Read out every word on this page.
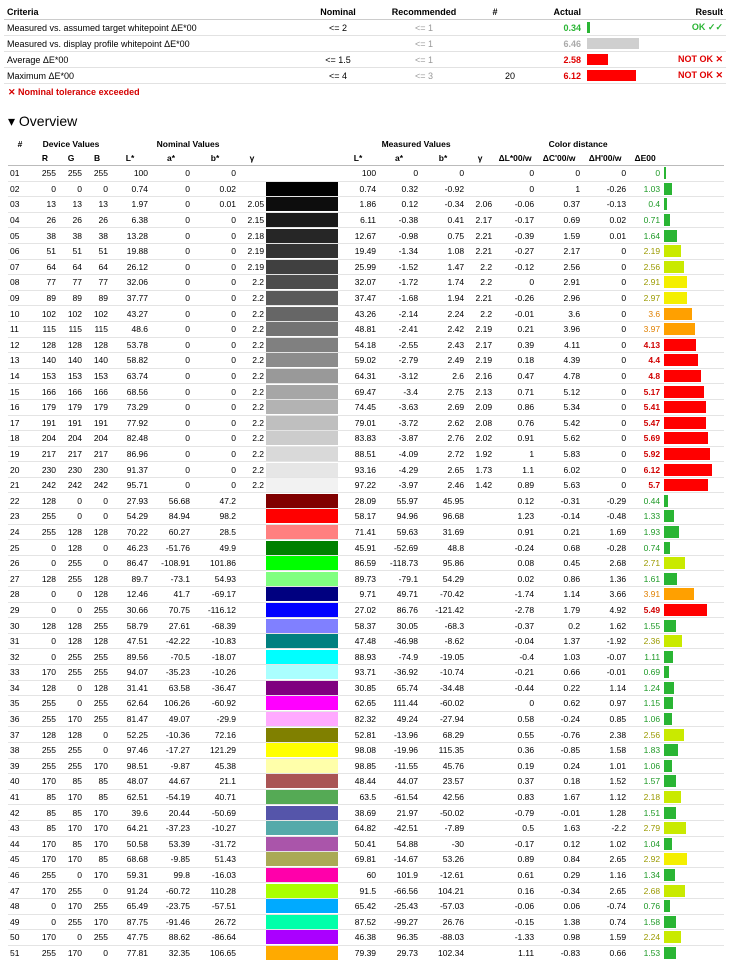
Criteria	Nominal	Recommended	#	Actual		Result
Measured vs. assumed target whitepoint ΔE*00	<= 2	<= 1		0.34		OK ✓✓
Measured vs. display profile whitepoint ΔE*00		<= 1		6.46	

Average ΔE*00	<= 1.5	<= 1		2.58		NOT OK ✕
Maximum ΔE*00	<= 4	<= 3	20	6.12		NOT OK ✕
✕ Nominal tolerance exceeded
▾ Overview
#	Device Values			Nominal Values					Measured Values				Color distance				
	R	G	B	L*	a*	b*	γ		L*	a*	b*	γ	ΔL*00/w	ΔC'00/w	ΔH'00/w	ΔE00	
01	255	255	255	100	0	0			100	0	0		0	0	0	0	

02	0	0	0	0.74	0	0.02			0.74	0.32	-0.92		0	1	-0.26	1.03	

03	13	13	13	1.97	0	0.01	2.05		1.86	0.12	-0.34	2.06	-0.06	0.37	-0.13	0.4	

04	26	26	26	6.38	0	0	2.15		6.11	-0.38	0.41	2.17	-0.17	0.69	0.02	0.71	

05	38	38	38	13.28	0	0	2.18		12.67	-0.98	0.75	2.21	-0.39	1.59	0.01	1.64	

06	51	51	51	19.88	0	0	2.19		19.49	-1.34	1.08	2.21	-0.27	2.17	0	2.19	

07	64	64	64	26.12	0	0	2.19		25.99	-1.52	1.47	2.2	-0.12	2.56	0	2.56	

08	77	77	77	32.06	0	0	2.2		32.07	-1.72	1.74	2.2	0	2.91	0	2.91	

09	89	89	89	37.77	0	0	2.2		37.47	-1.68	1.94	2.21	-0.26	2.96	0	2.97	

10	102	102	102	43.27	0	0	2.2		43.26	-2.14	2.24	2.2	-0.01	3.6	0	3.6	

11	115	115	115	48.6	0	0	2.2		48.81	-2.41	2.42	2.19	0.21	3.96	0	3.97	

12	128	128	128	53.78	0	0	2.2		54.18	-2.55	2.43	2.17	0.39	4.11	0	4.13	

13	140	140	140	58.82	0	0	2.2		59.02	-2.79	2.49	2.19	0.18	4.39	0	4.4	

14	153	153	153	63.74	0	0	2.2		64.31	-3.12	2.6	2.16	0.47	4.78	0	4.8	

15	166	166	166	68.56	0	0	2.2		69.47	-3.4	2.75	2.13	0.71	5.12	0	5.17	

16	179	179	179	73.29	0	0	2.2		74.45	-3.63	2.69	2.09	0.86	5.34	0	5.41	

17	191	191	191	77.92	0	0	2.2		79.01	-3.72	2.62	2.08	0.76	5.42	0	5.47	

18	204	204	204	82.48	0	0	2.2		83.83	-3.87	2.76	2.02	0.91	5.62	0	5.69	

19	217	217	217	86.96	0	0	2.2		88.51	-4.09	2.72	1.92	1	5.83	0	5.92	

20	230	230	230	91.37	0	0	2.2		93.16	-4.29	2.65	1.73	1.1	6.02	0	6.12	

21	242	242	242	95.71	0	0	2.2		97.22	-3.97	2.46	1.42	0.89	5.63	0	5.7	

22	128	0	0	27.93	56.68	47.2			28.09	55.97	45.95		0.12	-0.31	-0.29	0.44	

23	255	0	0	54.29	84.94	98.2			58.17	94.96	96.68		1.23	-0.14	-0.48	1.33	

24	255	128	128	70.22	60.27	28.5			71.41	59.63	31.69		0.91	0.21	1.69	1.93	

25	0	128	0	46.23	-51.76	49.9			45.91	-52.69	48.8		-0.24	0.68	-0.28	0.74	

26	0	255	0	86.47	-108.91	101.86			86.59	-118.73	95.86		0.08	0.45	2.68	2.71	

27	128	255	128	89.7	-73.1	54.93			89.73	-79.1	54.29		0.02	0.86	1.36	1.61	

28	0	0	128	12.46	41.7	-69.17			9.71	49.71	-70.42		-1.74	1.14	3.66	3.91	

29	0	0	255	30.66	70.75	-116.12			27.02	86.76	-121.42		-2.78	1.79	4.92	5.49	

30	128	128	255	58.79	27.61	-68.39			58.37	30.05	-68.3		-0.37	0.2	1.62	1.55	

31	0	128	128	47.51	-42.22	-10.83			47.48	-46.98	-8.62		-0.04	1.37	-1.92	2.36	

32	0	255	255	89.56	-70.5	-18.07			88.93	-74.9	-19.05		-0.4	1.03	-0.07	1.11	

33	170	255	255	94.07	-35.23	-10.26			93.71	-36.92	-10.74		-0.21	0.66	-0.01	0.69	

34	128	0	128	31.41	63.58	-36.47			30.85	65.74	-34.48		-0.44	0.22	1.14	1.24	

35	255	0	255	62.64	106.26	-60.92			62.65	111.44	-60.02		0	0.62	0.97	1.15	

36	255	170	255	81.47	49.07	-29.9			82.32	49.24	-27.94		0.58	-0.24	0.85	1.06	

37	128	128	0	52.25	-10.36	72.16			52.81	-13.96	68.29		0.55	-0.76	2.38	2.56	

38	255	255	0	97.46	-17.27	121.29			98.08	-19.96	115.35		0.36	-0.85	1.58	1.83	

39	255	255	170	98.51	-9.87	45.38			98.85	-11.55	45.76		0.19	0.24	1.01	1.06	

40	170	85	85	48.07	44.67	21.1			48.44	44.07	23.57		0.37	0.18	1.52	1.57	

41	85	170	85	62.51	-54.19	40.71			63.5	-61.54	42.56		0.83	1.67	1.12	2.18	

42	85	85	170	39.6	20.44	-50.69			38.69	21.97	-50.02		-0.79	-0.01	1.28	1.51	

43	85	170	170	64.21	-37.23	-10.27			64.82	-42.51	-7.89		0.5	1.63	-2.2	2.79	

44	170	85	170	50.58	53.39	-31.72			50.41	54.88	-30		-0.17	0.12	1.02	1.04	

45	170	170	85	68.68	-9.85	51.43			69.81	-14.67	53.26		0.89	0.84	2.65	2.92	

46	255	0	170	59.31	99.8	-16.03			60	101.9	-12.61		0.61	0.29	1.16	1.34	

47	170	255	0	91.24	-60.72	110.28			91.5	-66.56	104.21		0.16	-0.34	2.65	2.68	

48	0	170	255	65.49	-23.75	-57.51			65.42	-25.43	-57.03		-0.06	0.06	-0.74	0.76	

49	0	255	170	87.75	-91.46	26.72			87.52	-99.27	26.76		-0.15	1.38	0.74	1.58	

50	170	0	255	47.75	88.62	-86.64			46.38	96.35	-88.03		-1.33	0.98	1.59	2.24	

51	255	170	0	77.81	32.35	106.65			79.39	29.73	102.34		1.11	-0.83	0.66	1.53	
